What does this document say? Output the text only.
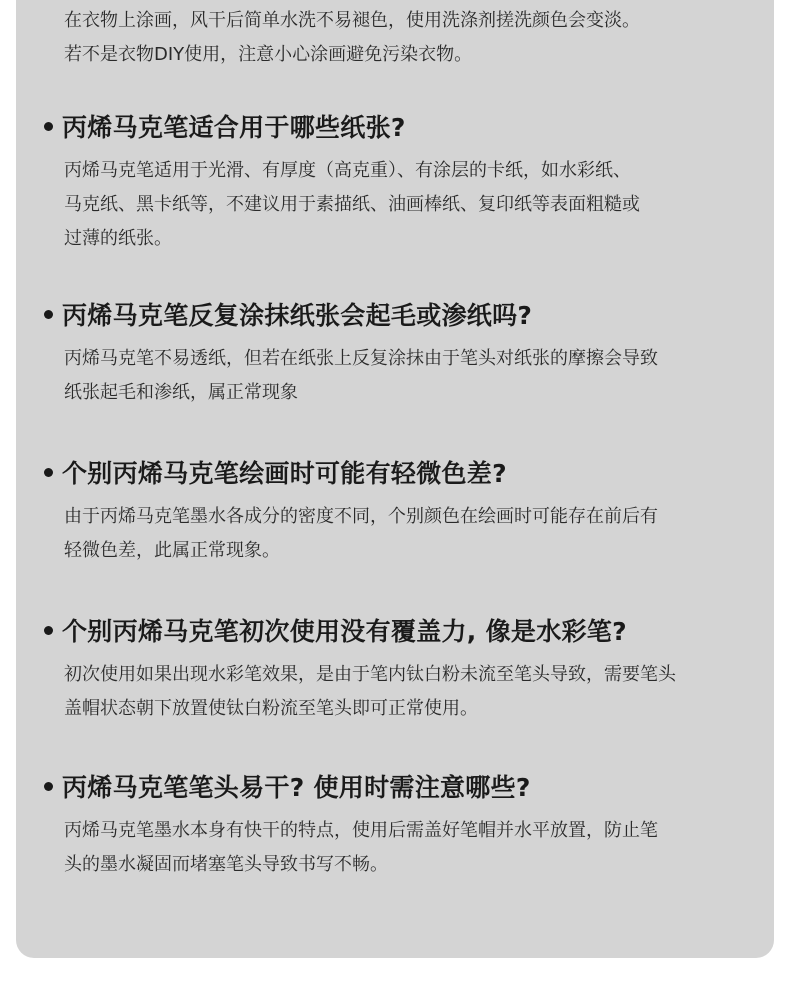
在衣物上涂画，风干后简单水洗不易褪色，使用洗涤剂搓洗颜色会变淡。
若不是衣物DIY使用，注意小心涂画避免污染衣物。
丙烯马克笔适合用于哪些纸张?
丙烯马克笔适用于光滑、有厚度（高克重）、有涂层的卡纸，如水彩纸、
马克纸、黑卡纸等，不建议用于素描纸、油画棒纸、复印纸等表面粗糙或
过薄的纸张。
丙烯马克笔反复涂抹纸张会起毛或渗纸吗?
丙烯马克笔不易透纸，但若在纸张上反复涂抹由于笔头对纸张的摩擦会导致
纸张起毛和渗纸，属正常现象
个别丙烯马克笔绘画时可能有轻微色差?
由于丙烯马克笔墨水各成分的密度不同，个别颜色在绘画时可能存在前后有
轻微色差，此属正常现象。
个别丙烯马克笔初次使用没有覆盖力, 像是水彩笔?
初次使用如果出现水彩笔效果，是由于笔内钛白粉未流至笔头导致，需要笔头
盖帽状态朝下放置使钛白粉流至笔头即可正常使用。
丙烯马克笔笔头易干? 使用时需注意哪些?
丙烯马克笔墨水本身有快干的特点，使用后需盖好笔帽并水平放置，防止笔
头的墨水凝固而堵塞笔头导致书写不畅。
